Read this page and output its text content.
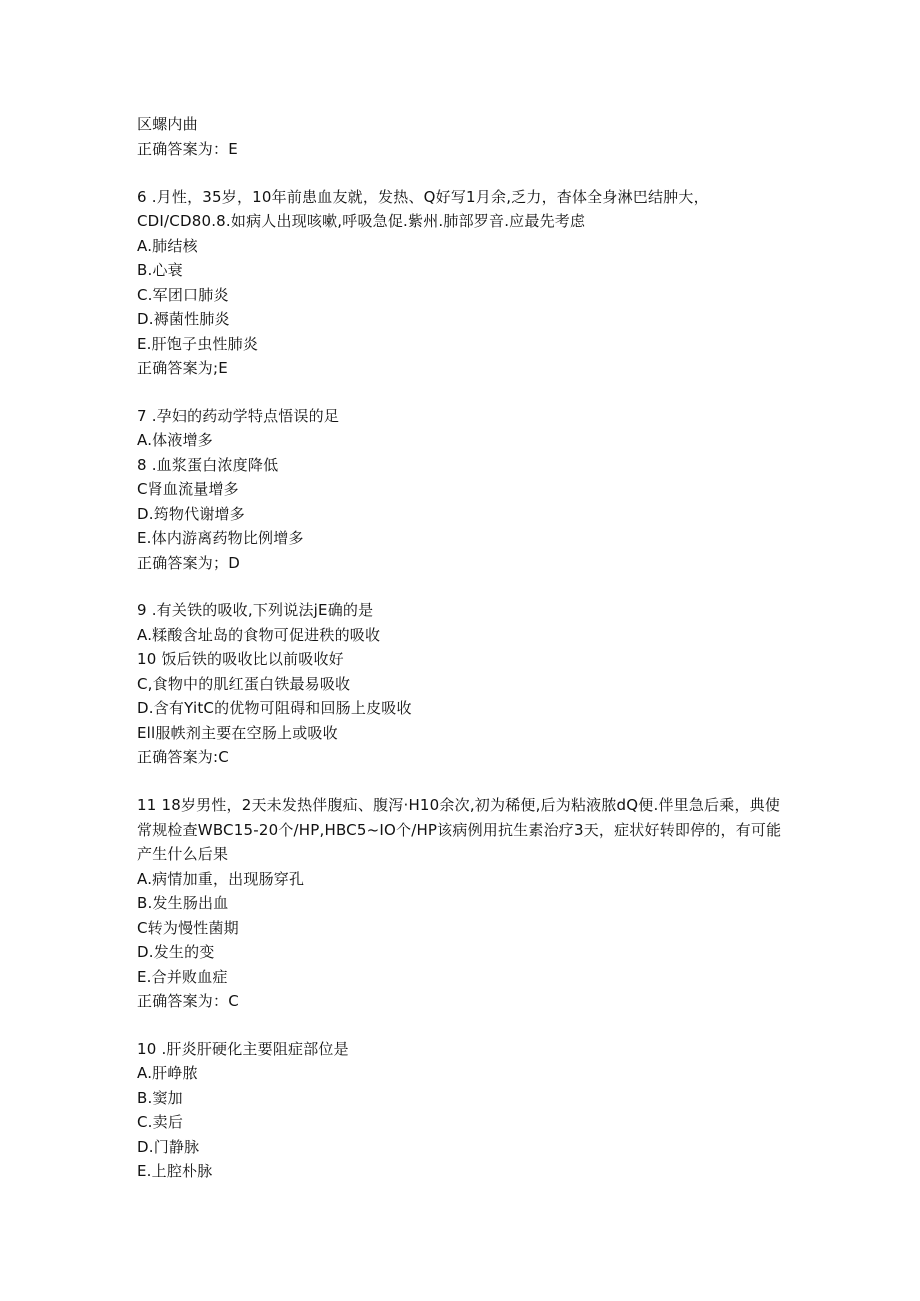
区螺内曲
正确答案为：E
6 .月性，35岁，10年前患血友就，发热、Q好写1月余,乏力，杳体全身淋巴结肿大，
CDI/CD80.8.如病人出现咳嗽,呼吸急促.紫州.肺部罗音.应最先考虑
A.肺结核
B.心衰
C.军团口肺炎
D.褥菌性肺炎
E.肝饱子虫性肺炎
正确答案为;E
7 .孕妇的药动学特点悟误的足
A.体液增多
8 .血浆蛋白浓度降低
C肾血流量增多
D.筠物代谢增多
E.体内游离药物比例增多
正确答案为；D
9 .有关铁的吸收,下列说法jE确的是
A.糅酸含址岛的食物可促进秩的吸收
10 饭后铁的吸收比以前吸收好
C,食物中的肌红蛋白铁最易吸收
D.含有YitC的优物可阻碍和回肠上皮吸收
Ell服帙剂主要在空肠上或吸收
正确答案为:C
11 18岁男性，2天未发热伴腹疝、腹泻·H10余次,初为稀便,后为粘液脓dQ便.伴里急后乘，典使
常规检查WBC15-20个/HP,HBC5~IO个/HP该病例用抗生素治疗3天，症状好转即停的，有可能
产生什么后果
A.病情加重，出现肠穿孔
B.发生肠出血
C转为慢性菌期
D.发生的变
E.合并败血症
正确答案为：C
10 .肝炎肝硬化主要阻症部位是
A.肝峥脓
B.窦加
C.卖后
D.门静脉
E.上腔朴脉
